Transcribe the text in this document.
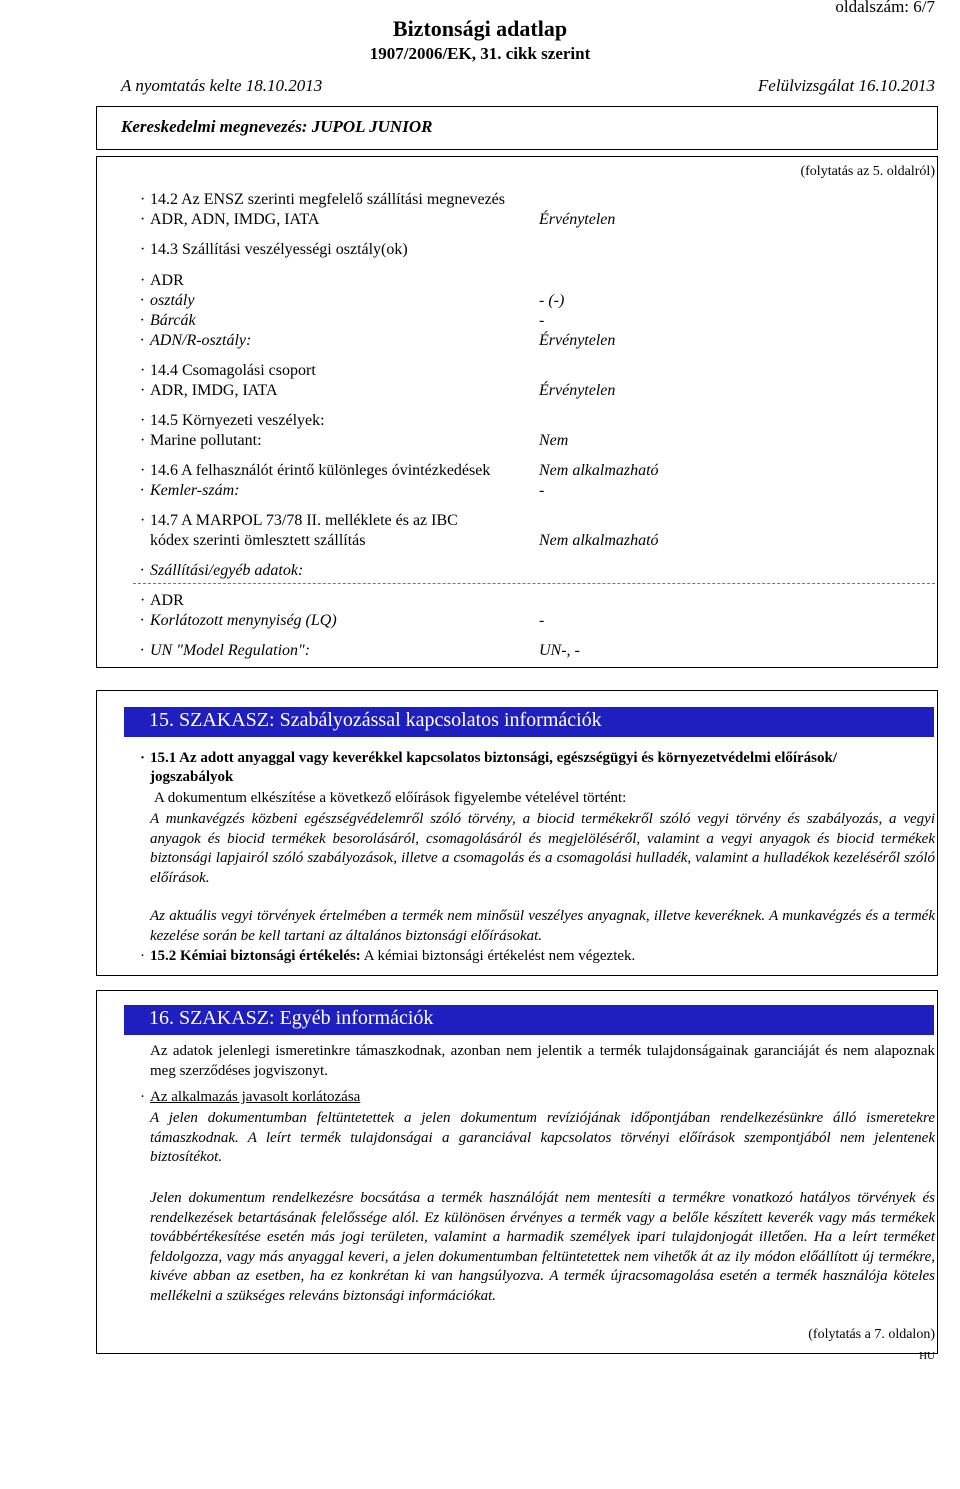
oldalszám: 6/7
Biztonsági adatlap
1907/2006/EK, 31. cikk szerint
A nyomtatás kelte 18.10.2013	Felülvizsgálat 16.10.2013
Kereskedelmi megnevezés: JUPOL JUNIOR
(folytatás az 5. oldalról)
· 14.2 Az ENSZ szerinti megfelelő szállítási megnevezés
· ADR, ADN, IMDG, IATA	Érvénytelen
· 14.3 Szállítási veszélyességi osztály(ok)
· ADR
· osztály	- (-)
· Bárcák	-
· ADN/R-osztály:	Érvénytelen
· 14.4 Csomagolási csoport
· ADR, IMDG, IATA	Érvénytelen
· 14.5 Környezeti veszélyek:
· Marine pollutant:	Nem
· 14.6 A felhasználót érintő különleges óvintézkedések	Nem alkalmazható
· Kemler-szám:	-
· 14.7 A MARPOL 73/78 II. melléklete és az IBC
kódex szerinti ömlesztett szállítás	Nem alkalmazható
· Szállítási/egyéb adatok:
· ADR
· Korlátozott menynyiség (LQ)	-
· UN "Model Regulation":	UN-, -
15. SZAKASZ: Szabályozással kapcsolatos információk
· 15.1 Az adott anyaggal vagy keverékkel kapcsolatos biztonsági, egészségügyi és környezetvédelmi előírások/
jogszabályok
A dokumentum elkészítése a következő előírások figyelembe vételével történt:
A munkavégzés közbeni egészségvédelemről szóló törvény, a biocid termékekről szóló vegyi törvény és szabályozás, a vegyi anyagok és biocid termékek besorolásáról, csomagolásáról és megjelöléséről, valamint a vegyi anyagok és biocid termékek biztonsági lapjairól szóló szabályozások, illetve a csomagolás és a csomagolási hulladék, valamint a hulladékok kezeléséről szóló előírások.
Az aktuális vegyi törvények értelmében a termék nem minősül veszélyes anyagnak, illetve keveréknek. A munkavégzés és a termék kezelése során be kell tartani az általános biztonsági előírásokat.
· 15.2 Kémiai biztonsági értékelés: A kémiai biztonsági értékelést nem végeztek.
16. SZAKASZ: Egyéb információk
Az adatok jelenlegi ismeretinkre támaszkodnak, azonban nem jelentik a termék tulajdonságainak garanciáját és nem alapoznak meg szerződéses jogviszonyt.
· Az alkalmazás javasolt korlátozása
A jelen dokumentumban feltüntetettek a jelen dokumentum revíziójának időpontjában rendelkezésünkre álló ismeretekre támaszkodnak. A leírt termék tulajdonságai a garanciával kapcsolatos törvényi előírások szempontjából nem jelentenek biztosítékot.
Jelen dokumentum rendelkezésre bocsátása a termék használóját nem mentesíti a termékre vonatkozó hatályos törvények és rendelkezések betartásának felelőssége alól. Ez különösen érvényes a termék vagy a belőle készített keverék vagy más termékek továbbértékesítése esetén más jogi területen, valamint a harmadik személyek ipari tulajdonjogát illetően. Ha a leírt terméket feldolgozza, vagy más anyaggal keveri, a jelen dokumentumban feltüntetettek nem vihetők át az ily módon előállított új termékre, kivéve abban az esetben, ha ez konkrétan ki van hangsúlyozva. A termék újracsomagolása esetén a termék használója köteles mellékelni a szükséges releváns biztonsági információkat.
(folytatás a 7. oldalon)
HU
